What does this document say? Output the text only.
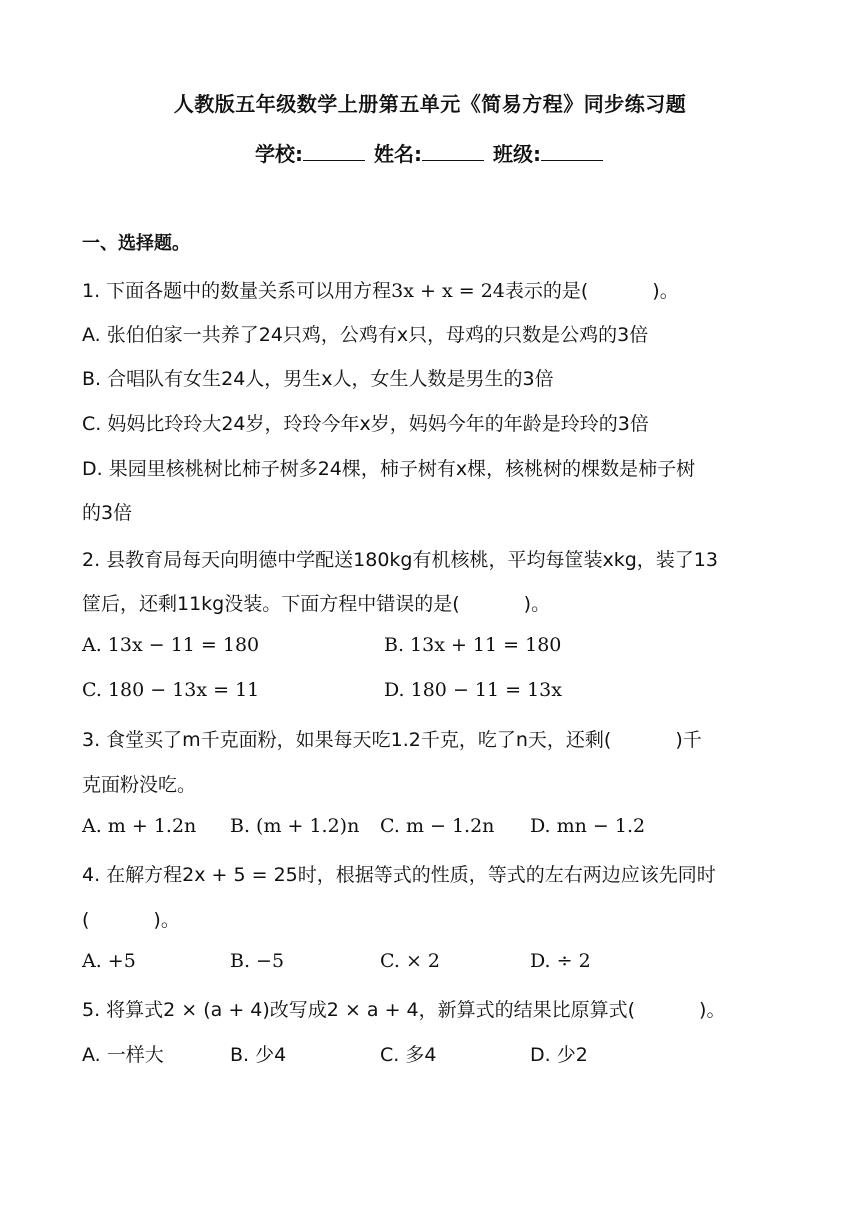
人教版五年级数学上册第五单元《简易方程》同步练习题
学校:	姓名:	班级:
一、选择题。
1. 下面各题中的数量关系可以用方程3x + x = 24表示的是(	)。
A. 张伯伯家一共养了24只鸡，公鸡有x只，母鸡的只数是公鸡的3倍
B. 合唱队有女生24人，男生x人，女生人数是男生的3倍
C. 妈妈比玲玲大24岁，玲玲今年x岁，妈妈今年的年龄是玲玲的3倍
D. 果园里核桃树比柿子树多24棵，柿子树有x棵，核桃树的棵数是柿子树
的3倍
2. 县教育局每天向明德中学配送180kg有机核桃，平均每筐装xkg，装了13
筐后，还剩11kg没装。下面方程中错误的是(	)。
A. 13x − 11 = 180	B. 13x + 11 = 180
C. 180 − 13x = 11	D. 180 − 11 = 13x
3. 食堂买了m千克面粉，如果每天吃1.2千克，吃了n天，还剩(	)千
克面粉没吃。
A. m + 1.2n B. (m + 1.2)n C. m − 1.2n D. mn − 1.2
4. 在解方程2x + 5 = 25时，根据等式的性质，等式的左右两边应该先同时
(	)。
A. +5	B. −5	C. × 2	D. ÷ 2
5. 将算式2 × (a + 4)改写成2 × a + 4，新算式的结果比原算式(	)。
A. 一样大	B. 少4	C. 多4	D. 少2
